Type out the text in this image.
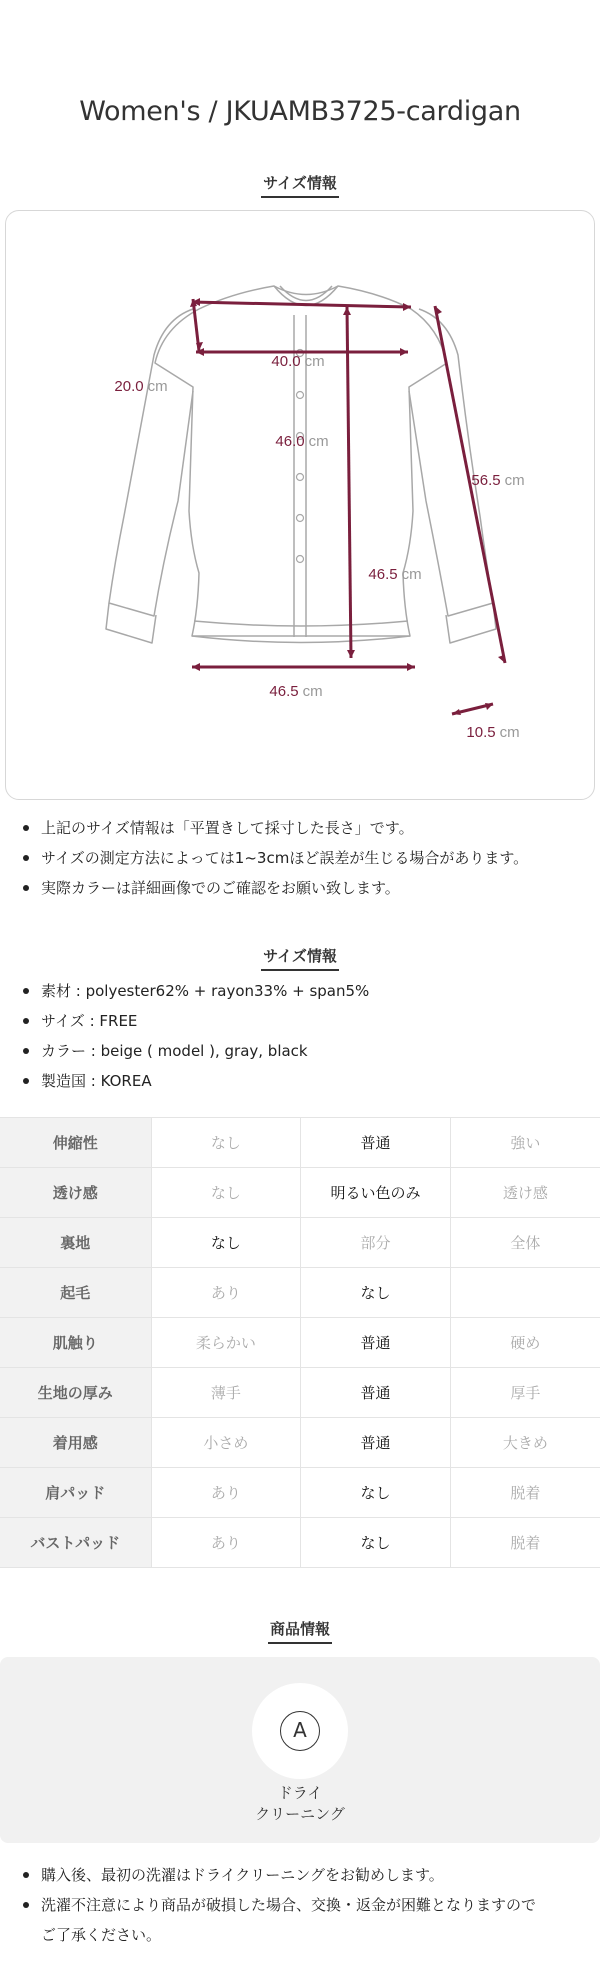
Women's / JKUAMB3725-cardigan
サイズ情報
40.0 cm
20.0 cm
46.0 cm
56.5 cm
46.5 cm
46.5 cm
10.5 cm
上記のサイズ情報は「平置きして採寸した長さ」です。
サイズの測定方法によっては1~3cmほど誤差が生じる場合があります。
実際カラーは詳細画像でのご確認をお願い致します。
サイズ情報
素材 : polyester62% + rayon33% + span5%
サイズ : FREE
カラー : beige ( model ), gray, black
製造国 : KOREA
伸縮性	なし	普通	強い
透け感	なし	明るい色のみ	透け感
裏地	なし	部分	全体
起毛	あり	なし	
肌触り	柔らかい	普通	硬め
生地の厚み	薄手	普通	厚手
着用感	小さめ	普通	大きめ
肩パッド	あり	なし	脱着
バストパッド	あり	なし	脱着
商品情報
A
ドライ
クリーニング
購入後、最初の洗濯はドライクリーニングをお勧めします。
洗濯不注意により商品が破損した場合、交換・返金が困難となりますので
ご了承ください。
